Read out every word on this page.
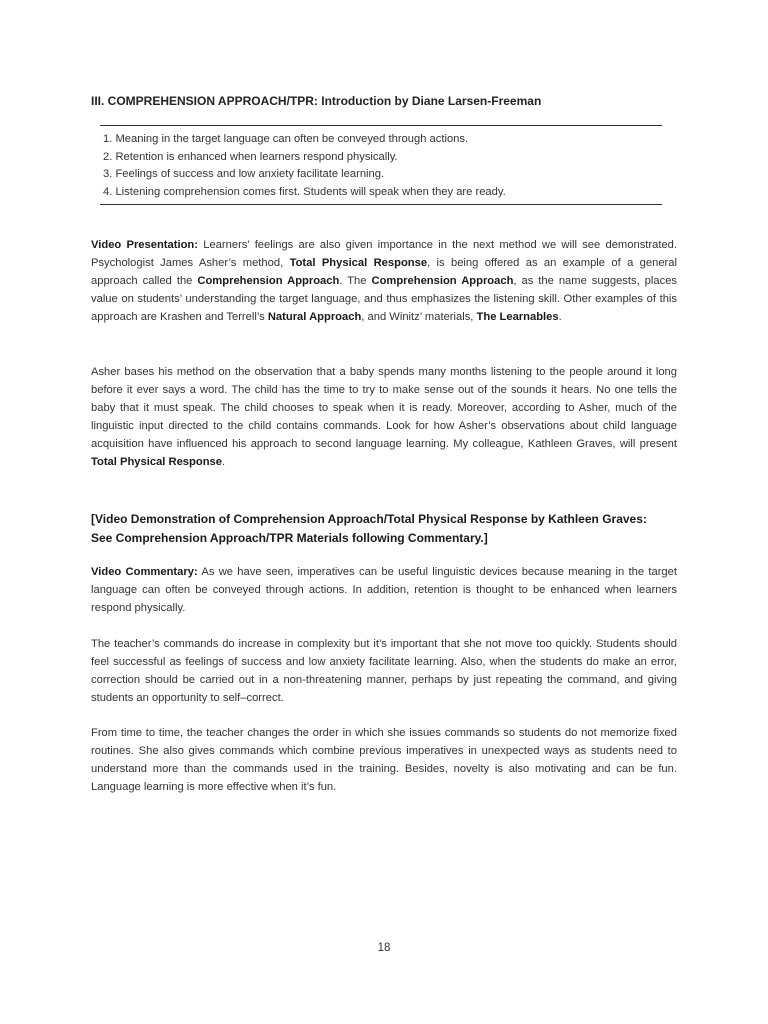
III. COMPREHENSION APPROACH/TPR: Introduction by Diane Larsen-Freeman
1. Meaning in the target language can often be conveyed through actions.
2. Retention is enhanced when learners respond physically.
3. Feelings of success and low anxiety facilitate learning.
4. Listening comprehension comes first. Students will speak when they are ready.

Video Presentation: Learners’ feelings are also given importance in the next method we will see demonstrated. Psychologist James Asher’s method, Total Physical Response, is being offered as an example of a general approach called the Comprehension Approach. The Comprehension Approach, as the name suggests, places value on students’ understanding the target language, and thus emphasizes the listening skill. Other examples of this approach are Krashen and Terrell’s Natural Approach, and Winitz’ materials, The Learnables.

Asher bases his method on the observation that a baby spends many months listening to the people around it long before it ever says a word. The child has the time to try to make sense out of the sounds it hears. No one tells the baby that it must speak. The child chooses to speak when it is ready. Moreover, according to Asher, much of the linguistic input directed to the child contains commands. Look for how Asher’s observations about child language acquisition have influenced his approach to second language learning. My colleague, Kathleen Graves, will present Total Physical Response.

[Video Demonstration of Comprehension Approach/Total Physical Response by Kathleen Graves:
See Comprehension Approach/TPR Materials following Commentary.]

Video Commentary: As we have seen, imperatives can be useful linguistic devices because meaning in the target language can often be conveyed through actions. In addition, retention is thought to be enhanced when learners respond physically.

The teacher’s commands do increase in complexity but it’s important that she not move too quickly. Students should feel successful as feelings of success and low anxiety facilitate learning. Also, when the students do make an error, correction should be carried out in a non-threatening manner, perhaps by just repeating the command, and giving students an opportunity to self–correct.

From time to time, the teacher changes the order in which she issues commands so students do not memorize fixed routines. She also gives commands which combine previous imperatives in unexpected ways as students need to understand more than the commands used in the training. Besides, novelty is also motivating and can be fun. Language learning is more effective when it’s fun.

18
